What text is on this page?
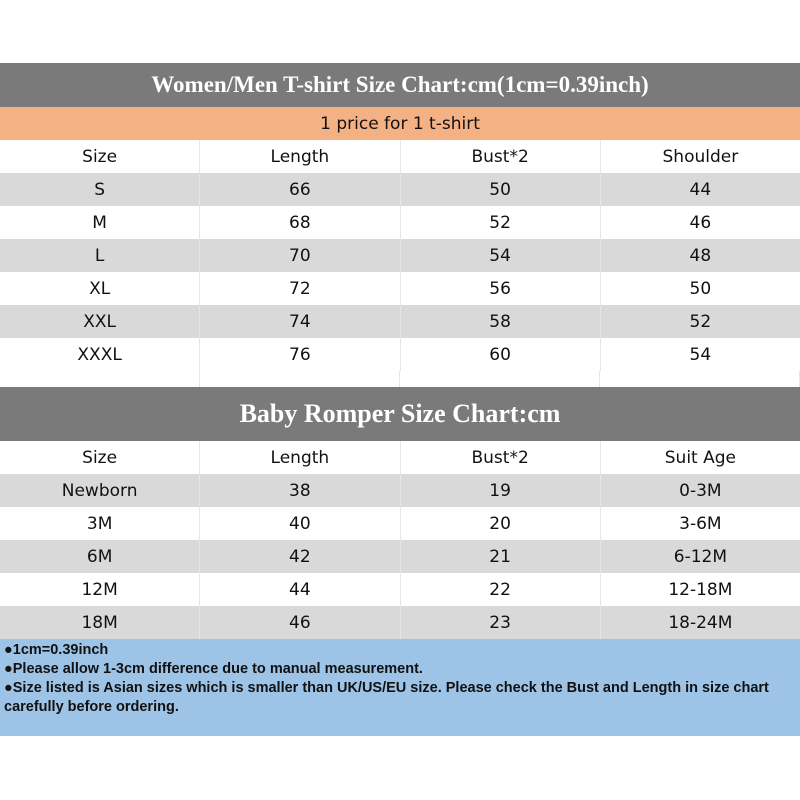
Women/Men T-shirt Size Chart:cm(1cm=0.39inch)
1 price for 1 t-shirt
Size	Length	Bust*2	Shoulder
S	66	50	44
M	68	52	46
L	70	54	48
XL	72	56	50
XXL	74	58	52
XXXL	76	60	54
Baby Romper Size Chart:cm
Size	Length	Bust*2	Suit Age
Newborn	38	19	0-3M
3M	40	20	3-6M
6M	42	21	6-12M
12M	44	22	12-18M
18M	46	23	18-24M

●1cm=0.39inch

●Please allow 1-3cm difference due to manual measurement.

●Size listed is Asian sizes which is smaller than UK/US/EU size. Please check the Bust and Length in size chart carefully before ordering.
